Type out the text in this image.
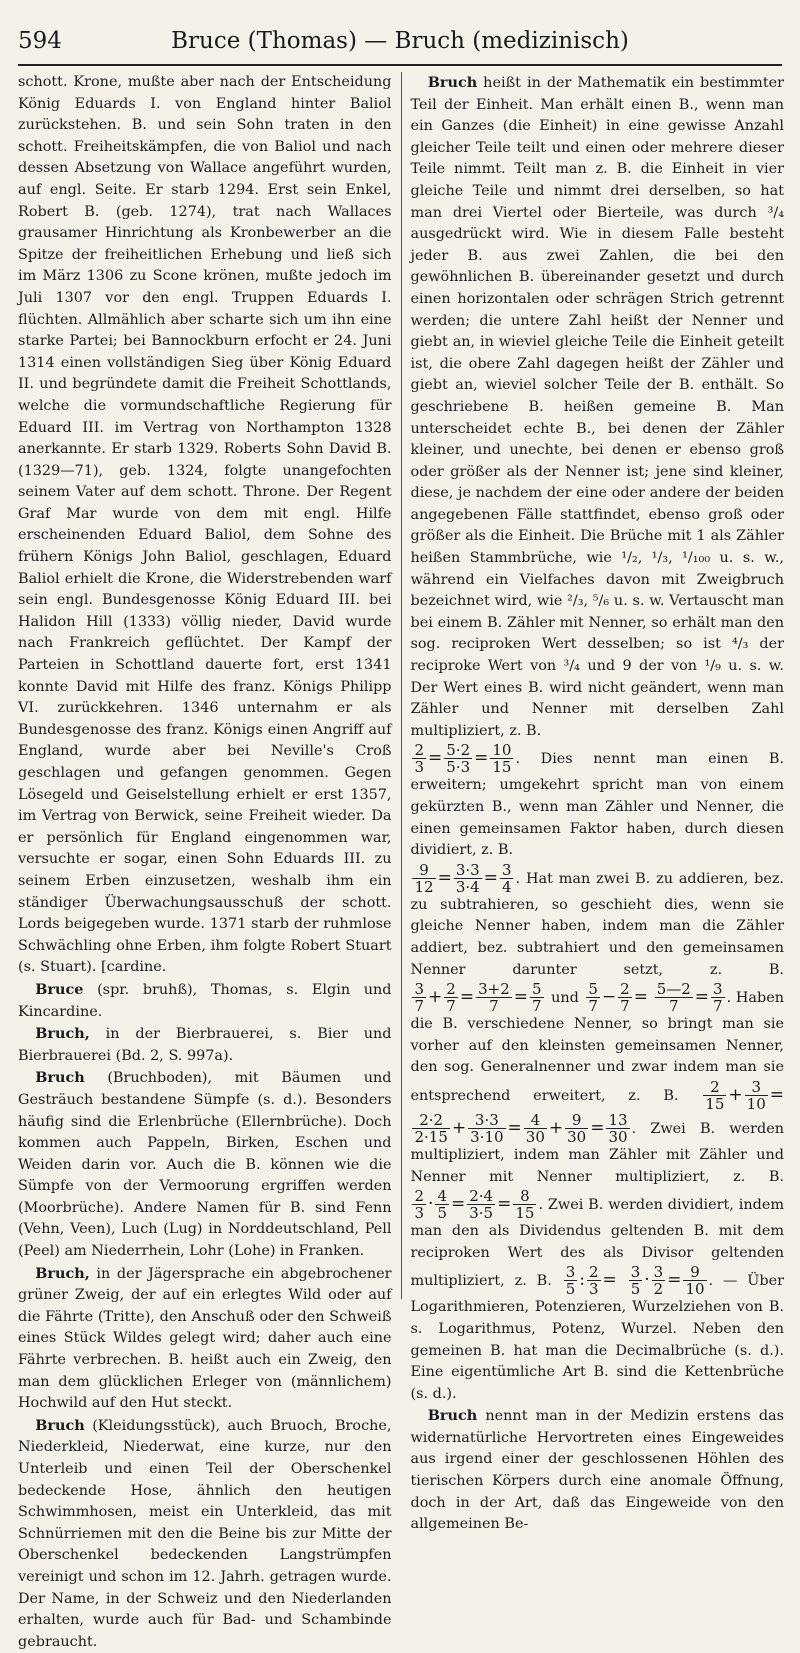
594	Bruce (Thomas) — Bruch (medizinisch)

schott. Krone, mußte aber nach der Entscheidung König Eduards I. von England hinter Baliol zurückstehen. B. und sein Sohn traten in den schott. Freiheitskämpfen, die von Baliol und nach dessen Absetzung von Wallace angeführt wurden, auf engl. Seite. Er starb 1294. Erst sein Enkel, Robert B. (geb. 1274), trat nach Wallaces grausamer Hinrichtung als Kronbewerber an die Spitze der freiheitlichen Erhebung und ließ sich im März 1306 zu Scone krönen, mußte jedoch im Juli 1307 vor den engl. Truppen Eduards I. flüchten. Allmählich aber scharte sich um ihn eine starke Partei; bei Bannockburn erfocht er 24. Juni 1314 einen vollständigen Sieg über König Eduard II. und begründete damit die Freiheit Schottlands, welche die vormundschaftliche Regierung für Eduard III. im Vertrag von Northampton 1328 anerkannte. Er starb 1329. Roberts Sohn David B. (1329—71), geb. 1324, folgte unangefochten seinem Vater auf dem schott. Throne. Der Regent Graf Mar wurde von dem mit engl. Hilfe erscheinenden Eduard Baliol, dem Sohne des frühern Königs John Baliol, geschlagen, Eduard Baliol erhielt die Krone, die Widerstrebenden warf sein engl. Bundesgenosse König Eduard III. bei Halidon Hill (1333) völlig nieder, David wurde nach Frankreich geflüchtet. Der Kampf der Parteien in Schottland dauerte fort, erst 1341 konnte David mit Hilfe des franz. Königs Philipp VI. zurückkehren. 1346 unternahm er als Bundesgenosse des franz. Königs einen Angriff auf England, wurde aber bei Neville's Croß geschlagen und gefangen genommen. Gegen Lösegeld und Geiselstellung erhielt er erst 1357, im Vertrag von Berwick, seine Freiheit wieder. Da er persönlich für England eingenommen war, versuchte er sogar, einen Sohn Eduards III. zu seinem Erben einzusetzen, weshalb ihm ein ständiger Überwachungsausschuß der schott. Lords beigegeben wurde. 1371 starb der ruhmlose Schwächling ohne Erben, ihm folgte Robert Stuart (s. Stuart). [cardine.

Bruce (spr. bruhß), Thomas, s. Elgin und Kincardine.

Bruch, in der Bierbrauerei, s. Bier und Bierbrauerei (Bd. 2, S. 997a).

Bruch (Bruchboden), mit Bäumen und Gesträuch bestandene Sümpfe (s. d.). Besonders häufig sind die Erlenbrüche (Ellernbrüche). Doch kommen auch Pappeln, Birken, Eschen und Weiden darin vor. Auch die B. können wie die Sümpfe von der Vermoorung ergriffen werden (Moorbrüche). Andere Namen für B. sind Fenn (Vehn, Veen), Luch (Lug) in Norddeutschland, Pell (Peel) am Niederrhein, Lohr (Lohe) in Franken.

Bruch, in der Jägersprache ein abgebrochener grüner Zweig, der auf ein erlegtes Wild oder auf die Fährte (Tritte), den Anschuß oder den Schweiß eines Stück Wildes gelegt wird; daher auch eine Fährte verbrechen. B. heißt auch ein Zweig, den man dem glücklichen Erleger von (männlichem) Hochwild auf den Hut steckt.

Bruch (Kleidungsstück), auch Bruoch, Broche, Niederkleid, Niederwat, eine kurze, nur den Unterleib und einen Teil der Oberschenkel bedeckende Hose, ähnlich den heutigen Schwimmhosen, meist ein Unterkleid, das mit Schnürriemen mit den die Beine bis zur Mitte der Oberschenkel bedeckenden Langstrümpfen vereinigt und schon im 12. Jahrh. getragen wurde. Der Name, in der Schweiz und den Niederlanden erhalten, wurde auch für Bad- und Schambinde gebraucht.

Bruch heißt in der Mathematik ein bestimmter Teil der Einheit. Man erhält einen B., wenn man ein Ganzes (die Einheit) in eine gewisse Anzahl gleicher Teile teilt und einen oder mehrere dieser Teile nimmt. Teilt man z. B. die Einheit in vier gleiche Teile und nimmt drei derselben, so hat man drei Viertel oder Bierteile, was durch ³/₄ ausgedrückt wird. Wie in diesem Falle besteht jeder B. aus zwei Zahlen, die bei den gewöhnlichen B. übereinander gesetzt und durch einen horizontalen oder schrägen Strich getrennt werden; die untere Zahl heißt der Nenner und giebt an, in wieviel gleiche Teile die Einheit geteilt ist, die obere Zahl dagegen heißt der Zähler und giebt an, wieviel solcher Teile der B. enthält. So geschriebene B. heißen gemeine B. Man unterscheidet echte B., bei denen der Zähler kleiner, und unechte, bei denen er ebenso groß oder größer als der Nenner ist; jene sind kleiner, diese, je nachdem der eine oder andere der beiden angegebenen Fälle stattfindet, ebenso groß oder größer als die Einheit. Die Brüche mit 1 als Zähler heißen Stammbrüche, wie ¹/₂, ¹/₃, ¹/₁₀₀ u. s. w., während ein Vielfaches davon mit Zweigbruch bezeichnet wird, wie ²/₃, ⁵/₆ u. s. w. Vertauscht man bei einem B. Zähler mit Nenner, so erhält man den sog. reciproken Wert desselben; so ist ⁴/₃ der reciproke Wert von ³/₄ und 9 der von ¹/₉ u. s. w. Der Wert eines B. wird nicht geändert, wenn man Zähler und Nenner mit derselben Zahl multipliziert, z. B.

$\frac{2}{3} = \frac{5\cdot 2}{5\cdot 3} = \frac{10}{15}$ . Dies nennt man einen B. erweitern; umgekehrt spricht man von einem gekürzten B., wenn man Zähler und Nenner, die einen gemeinsamen Faktor haben, durch diesen dividiert, z. B.

$\frac{9}{12} = \frac{3\cdot 3}{3\cdot 4} = \frac{3}{4}$ . Hat man zwei B. zu addieren, bez. zu subtrahieren, so geschieht dies, wenn sie gleiche Nenner haben, indem man die Zähler addiert, bez. subtrahiert und den gemeinsamen Nenner darunter setzt, z. B.
$\frac{3}{7} + \frac{2}{7} = \frac{3+2}{7} = \frac{5}{7}$ und $\frac{5}{7} - \frac{2}{7} = \frac{5—2}{7} = \frac{3}{7}$ . Haben die B. verschiedene Nenner, so bringt man sie vorher auf den kleinsten gemeinsamen Nenner, den sog. Generalnenner und zwar indem man sie entsprechend erweitert, z. B. $\frac{2}{15} + \frac{3}{10}$ =
$\frac{2\cdot 2}{2\cdot 15} + \frac{3\cdot 3}{3\cdot 10} = \frac{4}{30} + \frac{9}{30} = \frac{13}{30}$ . Zwei B. werden multipliziert, indem man Zähler mit Zähler und Nenner mit Nenner multipliziert, z. B.
$\frac{2}{3} \cdot \frac{4}{5} = \frac{2\cdot 4}{3\cdot 5} = \frac{8}{15}$ . Zwei B. werden dividiert, indem man den als Dividendus geltenden B. mit dem reciproken Wert des als Divisor geltenden multipliziert, z. B. $\frac{3}{5}$ : $\frac{2}{3} = \frac{3}{5} \cdot \frac{3}{2} = \frac{9}{10}$ . — Über Logarithmieren, Potenzieren, Wurzelziehen von B. s. Logarithmus, Potenz, Wurzel. Neben den gemeinen B. hat man die Decimalbrüche (s. d.). Eine eigentümliche Art B. sind die Kettenbrüche (s. d.).

Bruch nennt man in der Medizin erstens das widernatürliche Hervortreten eines Eingeweides aus irgend einer der geschlossenen Höhlen des tierischen Körpers durch eine anomale Öffnung, doch in der Art, daß das Eingeweide von den allgemeinen Be-
